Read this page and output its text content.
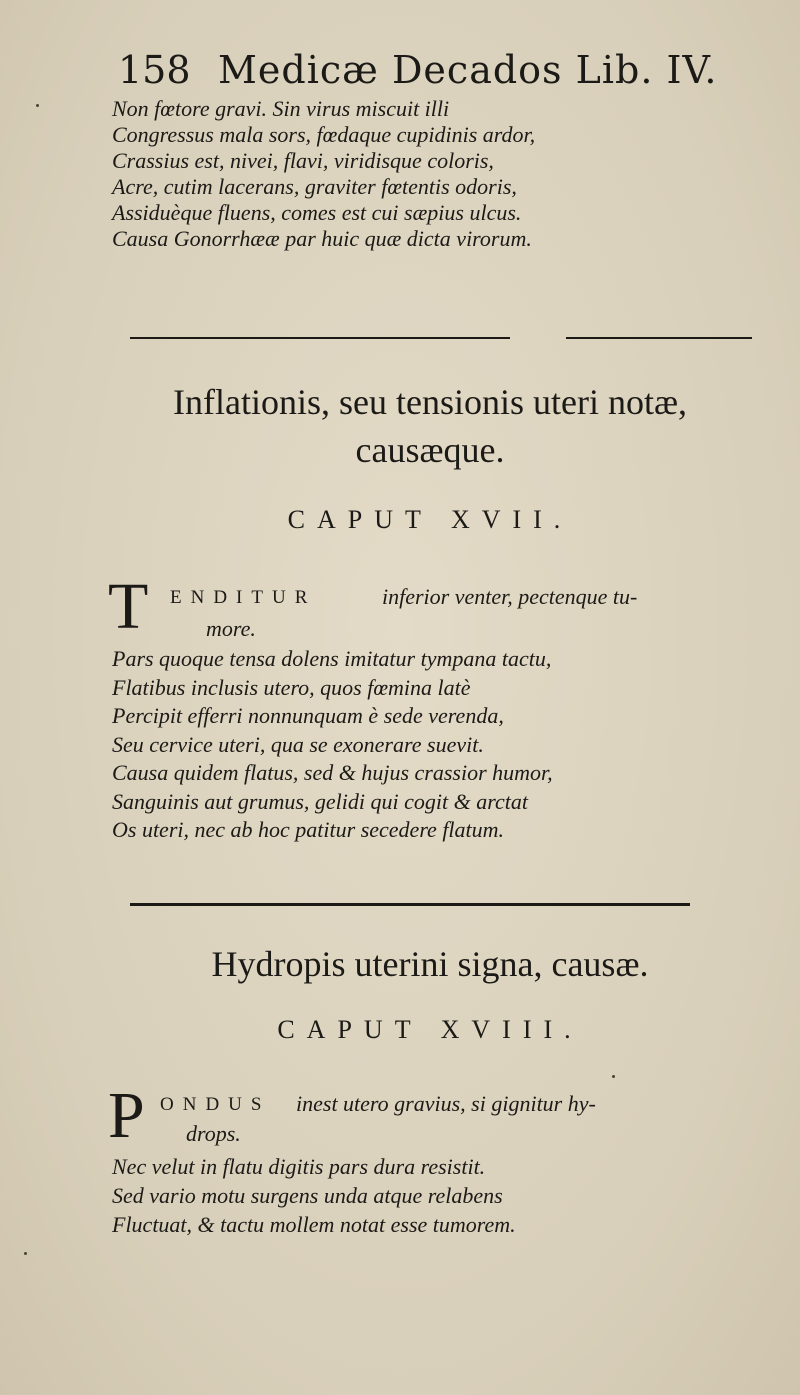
158 Medicæ Decados Lib. IV.
Non fœtore gravi. Sin virus miscuit illi
Congressus mala sors, fœdaque cupidinis ardor,
Crassius est, nivei, flavi, viridisque coloris,
Acre, cutim lacerans, graviter fœtentis odoris,
Assiduèque fluens, comes est cui sæpius ulcus.
Causa Gonorrhææ par huic quæ dicta virorum.
Inflationis, seu tensionis uteri notæ,
causæque.
CAPUT XVII.
T ENDITUR	inferior venter, pectenque tu-
more.
Pars quoque tensa dolens imitatur tympana tactu,
Flatibus inclusis utero, quos fœmina latè
Percipit efferri nonnunquam è sede verenda,
Seu cervice uteri, qua se exonerare suevit.
Causa quidem flatus, sed & hujus crassior humor,
Sanguinis aut grumus, gelidi qui cogit & arctat
Os uteri, nec ab hoc patitur secedere flatum.
Hydropis uterini signa, causæ.
CAPUT XVIII.
P ONDUS inest utero gravius, si gignitur hy-
drops.
Nec velut in flatu digitis pars dura resistit.
Sed vario motu surgens unda atque relabens
Fluctuat, & tactu mollem notat esse tumorem.
